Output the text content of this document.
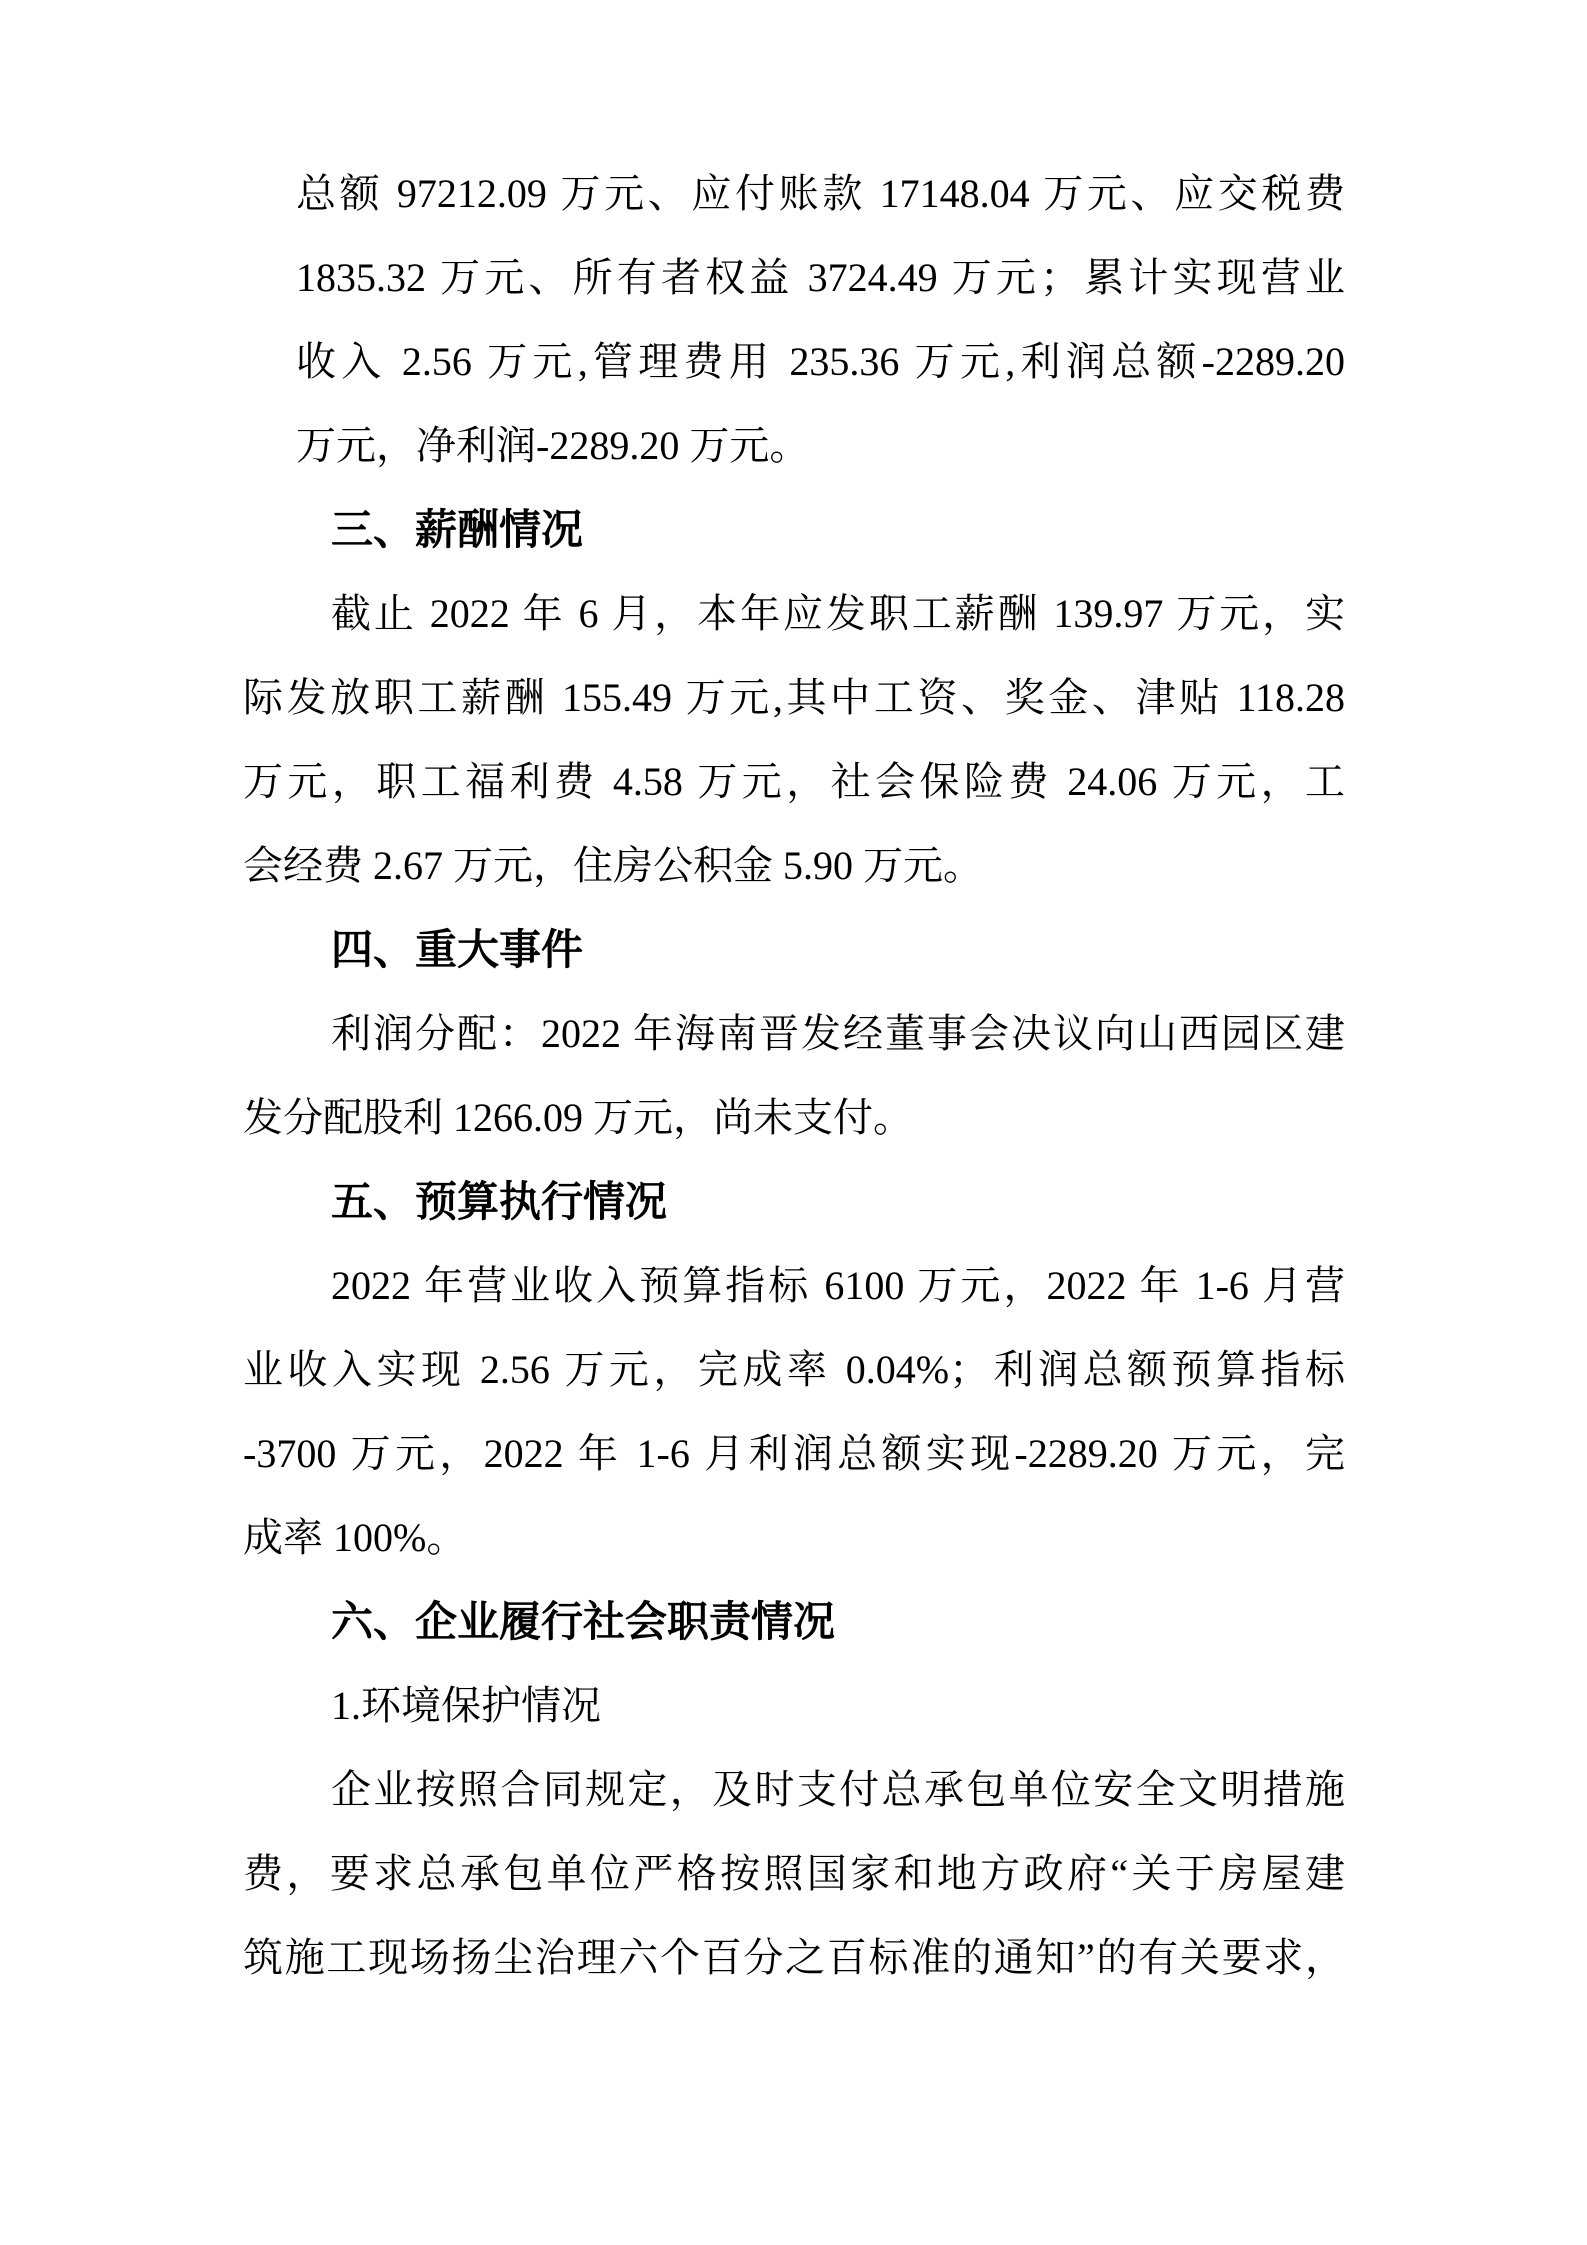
总额 97212.09 万元、应付账款 17148.04 万元、应交税费
1835.32 万元、所有者权益 3724.49 万元；累计实现营业
收入 2.56 万元,管理费用 235.36 万元,利润总额-2289.20
万元，净利润-2289.20 万元。
三、薪酬情况
截止 2022 年 6 月，本年应发职工薪酬 139.97 万元，实
际发放职工薪酬 155.49 万元,其中工资、奖金、津贴 118.28
万元，职工福利费 4.58 万元，社会保险费 24.06 万元，工
会经费 2.67 万元，住房公积金 5.90 万元。
四、重大事件
利润分配：2022 年海南晋发经董事会决议向山西园区建
发分配股利 1266.09 万元，尚未支付。
五、预算执行情况
2022 年营业收入预算指标 6100 万元，2022 年 1-6 月营
业收入实现 2.56 万元，完成率 0.04%；利润总额预算指标
-3700 万元，2022 年 1-6 月利润总额实现-2289.20 万元，完
成率 100%。
六、企业履行社会职责情况
1.环境保护情况
企业按照合同规定，及时支付总承包单位安全文明措施
费，要求总承包单位严格按照国家和地方政府“关于房屋建
筑施工现场扬尘治理六个百分之百标准的通知”的有关要求，
